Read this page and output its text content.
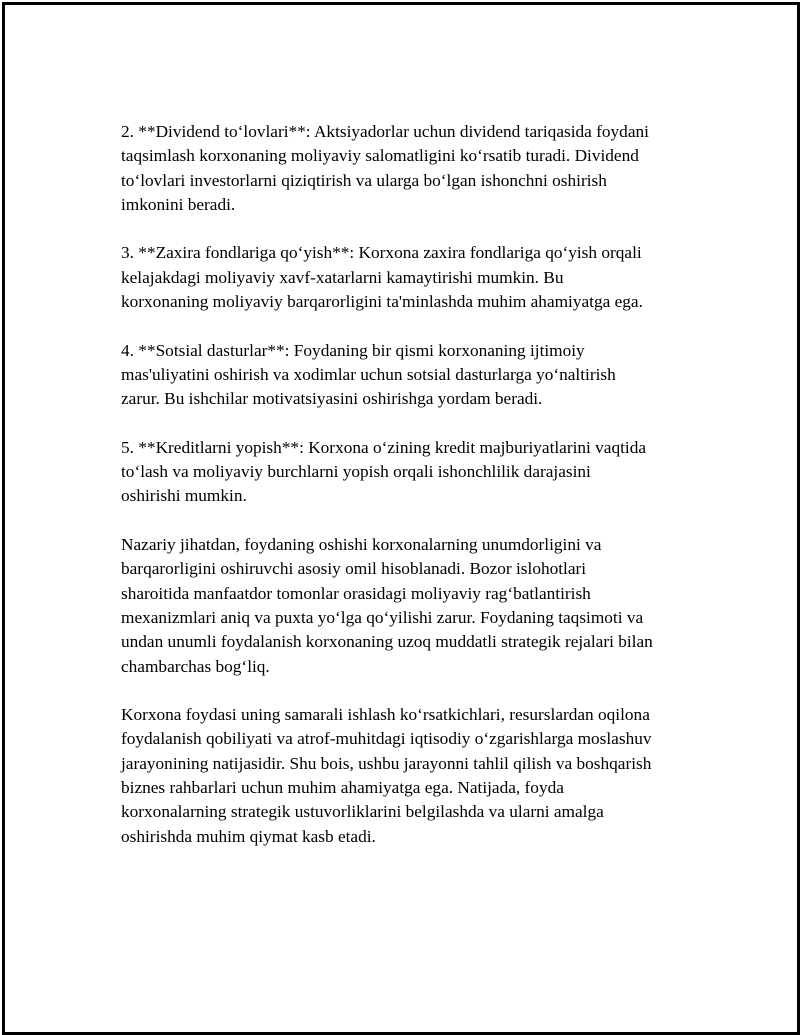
2. **Dividend to‘lovlari**: Aktsiyadorlar uchun dividend tariqasida foydani
taqsimlash korxonaning moliyaviy salomatligini ko‘rsatib turadi. Dividend
to‘lovlari investorlarni qiziqtirish va ularga bo‘lgan ishonchni oshirish
imkonini beradi.

3. **Zaxira fondlariga qo‘yish**: Korxona zaxira fondlariga qo‘yish orqali
kelajakdagi moliyaviy xavf-xatarlarni kamaytirishi mumkin. Bu
korxonaning moliyaviy barqarorligini ta'minlashda muhim ahamiyatga ega.

4. **Sotsial dasturlar**: Foydaning bir qismi korxonaning ijtimoiy
mas'uliyatini oshirish va xodimlar uchun sotsial dasturlarga yo‘naltirish
zarur. Bu ishchilar motivatsiyasini oshirishga yordam beradi.

5. **Kreditlarni yopish**: Korxona o‘zining kredit majburiyatlarini vaqtida
to‘lash va moliyaviy burchlarni yopish orqali ishonchlilik darajasini
oshirishi mumkin.

Nazariy jihatdan, foydaning oshishi korxonalarning unumdorligini va
barqarorligini oshiruvchi asosiy omil hisoblanadi. Bozor islohotlari
sharoitida manfaatdor tomonlar orasidagi moliyaviy rag‘batlantirish
mexanizmlari aniq va puxta yo‘lga qo‘yilishi zarur. Foydaning taqsimoti va
undan unumli foydalanish korxonaning uzoq muddatli strategik rejalari bilan
chambarchas bog‘liq.

Korxona foydasi uning samarali ishlash ko‘rsatkichlari, resurslardan oqilona
foydalanish qobiliyati va atrof-muhitdagi iqtisodiy o‘zgarishlarga moslashuv
jarayonining natijasidir. Shu bois, ushbu jarayonni tahlil qilish va boshqarish
biznes rahbarlari uchun muhim ahamiyatga ega. Natijada, foyda
korxonalarning strategik ustuvorliklarini belgilashda va ularni amalga
oshirishda muhim qiymat kasb etadi.
